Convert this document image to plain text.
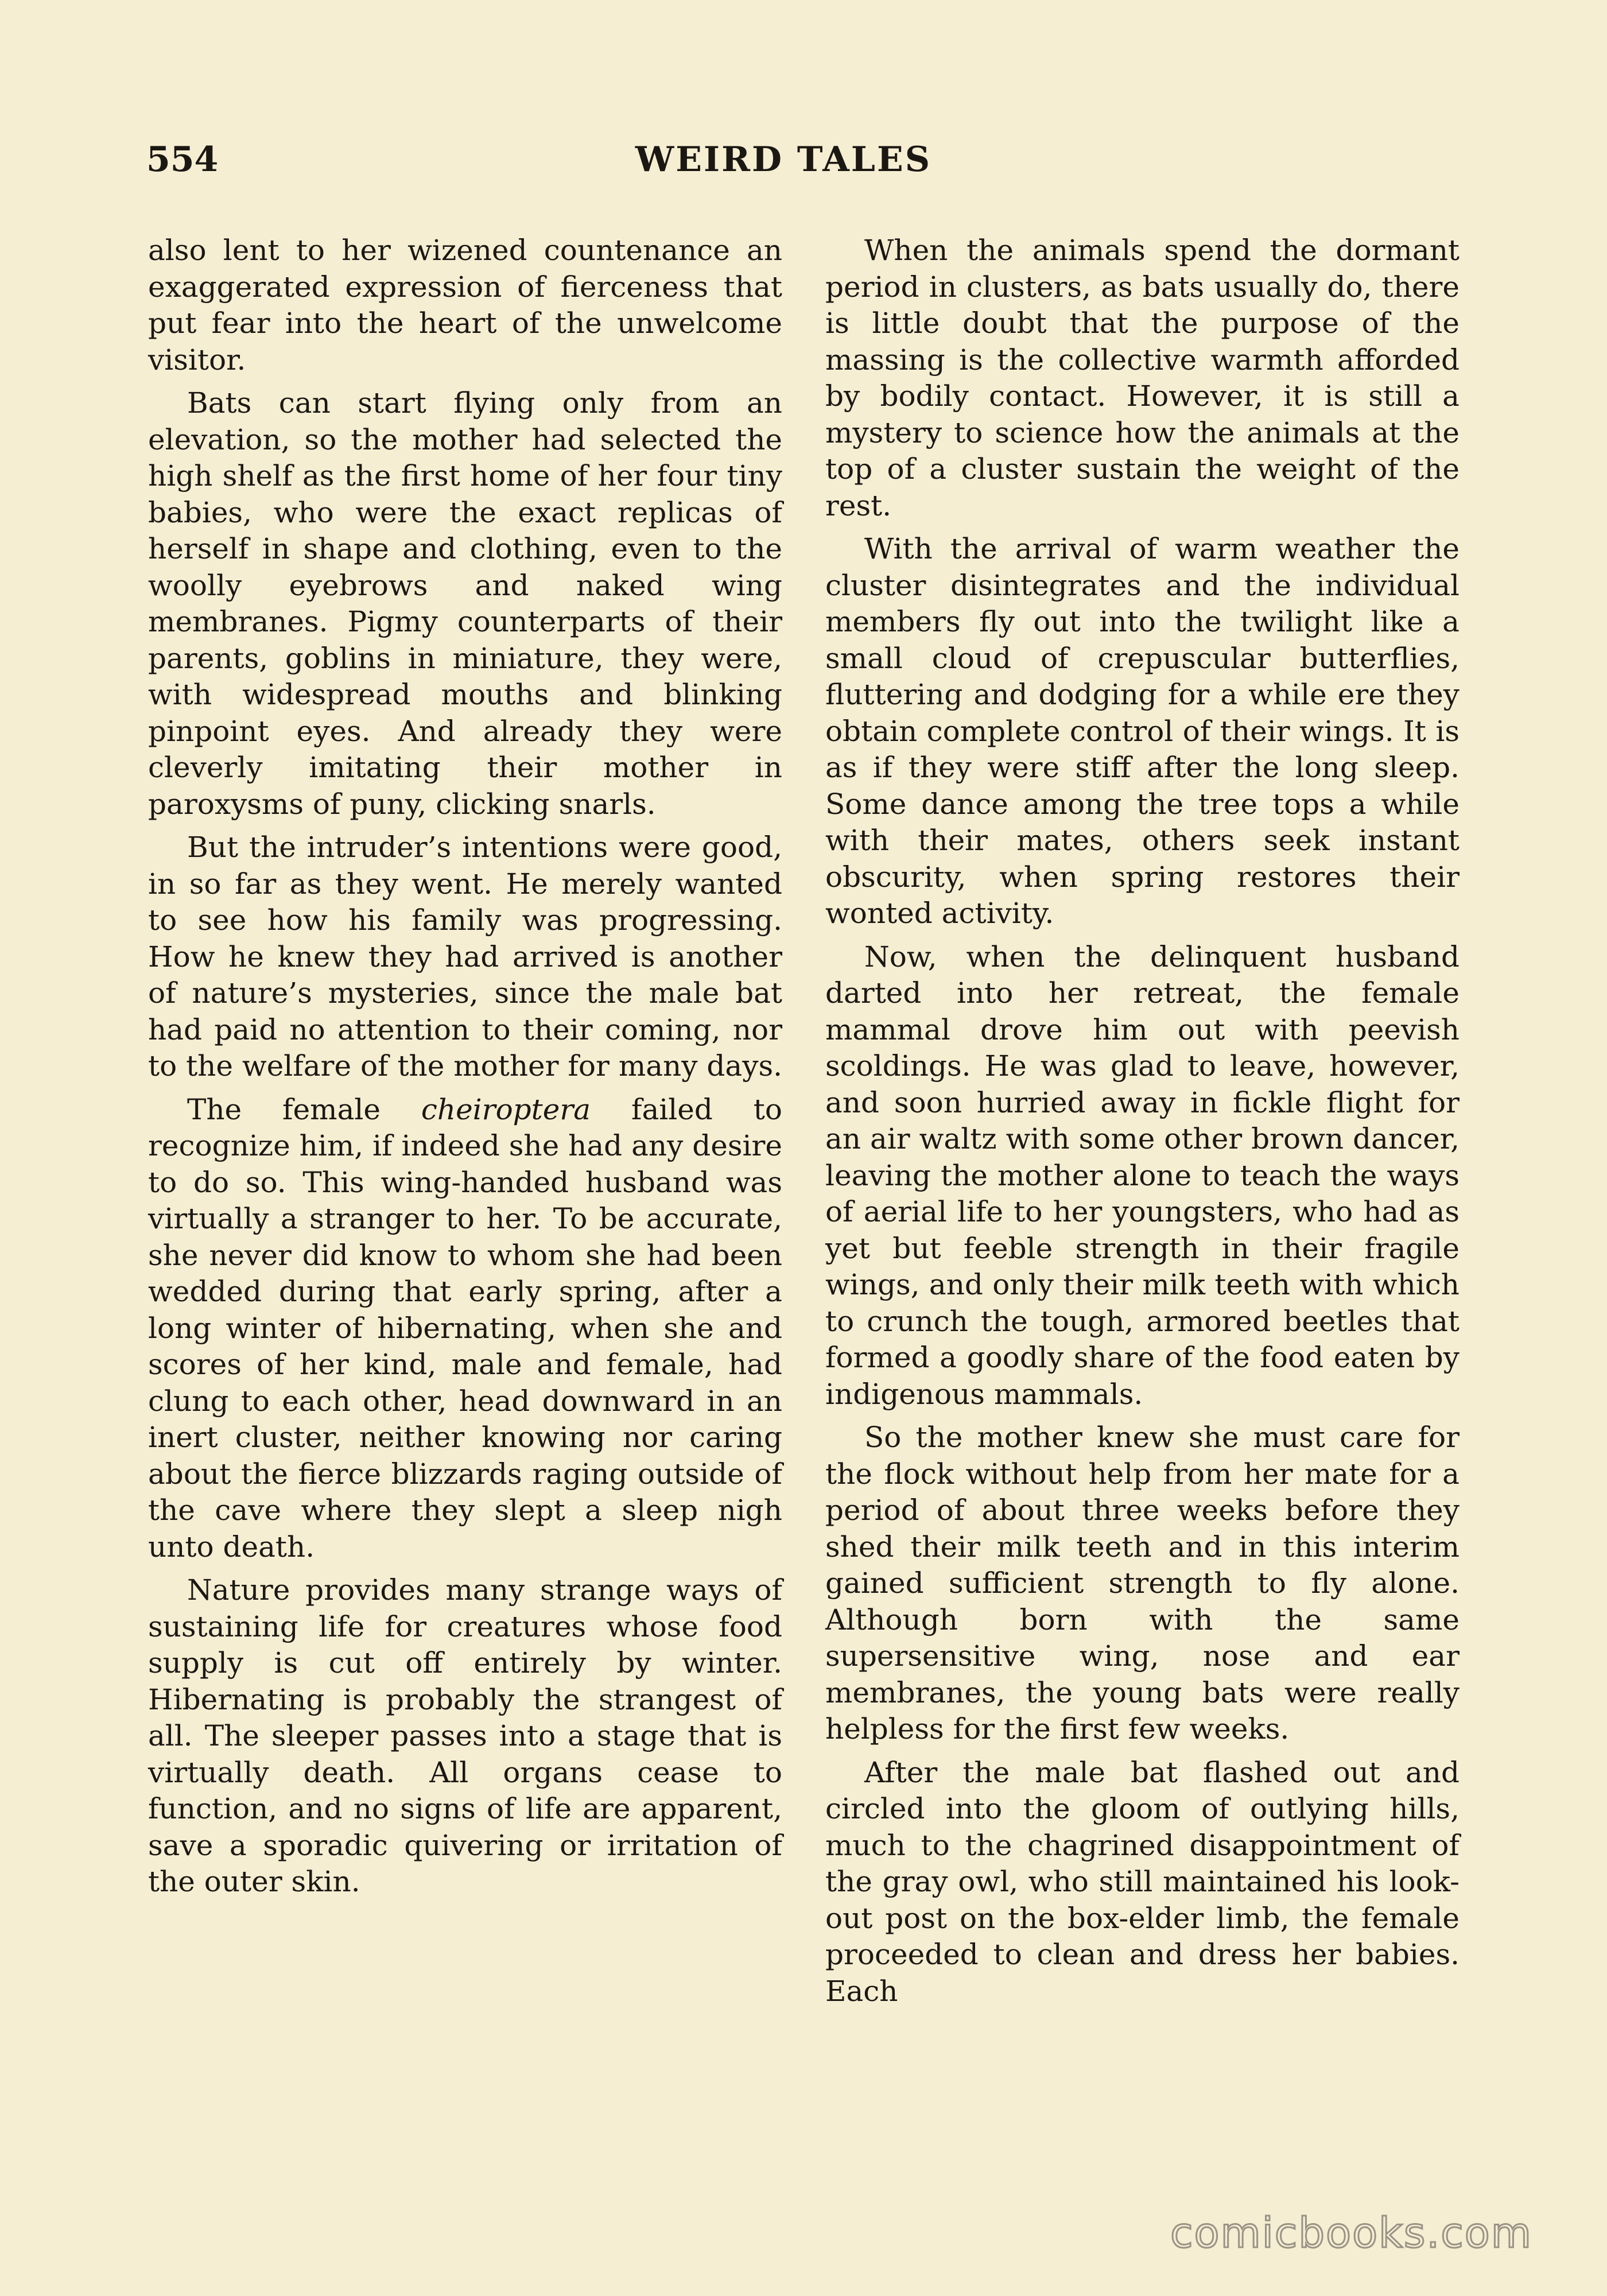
554	WEIRD TALES

also lent to her wizened countenance an exaggerated expression of fierceness that put fear into the heart of the unwelcome visitor.

Bats can start flying only from an elevation, so the mother had selected the high shelf as the first home of her four tiny babies, who were the exact replicas of herself in shape and clothing, even to the woolly eyebrows and naked wing membranes. Pigmy counterparts of their parents, goblins in miniature, they were, with widespread mouths and blinking pinpoint eyes. And already they were cleverly imitating their mother in paroxysms of puny, clicking snarls.

But the intruder’s intentions were good, in so far as they went. He merely wanted to see how his family was progressing. How he knew they had arrived is another of nature’s mysteries, since the male bat had paid no attention to their coming, nor to the welfare of the mother for many days.

The female cheiroptera failed to recognize him, if indeed she had any desire to do so. This wing-handed husband was virtually a stranger to her. To be accurate, she never did know to whom she had been wedded during that early spring, after a long winter of hibernating, when she and scores of her kind, male and female, had clung to each other, head downward in an inert cluster, neither knowing nor caring about the fierce blizzards raging outside of the cave where they slept a sleep nigh unto death.

Nature provides many strange ways of sustaining life for creatures whose food supply is cut off entirely by winter. Hibernating is probably the strangest of all. The sleeper passes into a stage that is virtually death. All organs cease to function, and no signs of life are apparent, save a sporadic quivering or irritation of the outer skin.

When the animals spend the dormant period in clusters, as bats usually do, there is little doubt that the purpose of the massing is the collective warmth afforded by bodily contact. However, it is still a mystery to science how the animals at the top of a cluster sustain the weight of the rest.

With the arrival of warm weather the cluster disintegrates and the individual members fly out into the twilight like a small cloud of crepuscular butterflies, fluttering and dodging for a while ere they obtain complete control of their wings. It is as if they were stiff after the long sleep. Some dance among the tree tops a while with their mates, others seek instant obscurity, when spring restores their wonted activity.

Now, when the delinquent husband darted into her retreat, the female mammal drove him out with peevish scoldings. He was glad to leave, however, and soon hurried away in fickle flight for an air waltz with some other brown dancer, leaving the mother alone to teach the ways of aerial life to her youngsters, who had as yet but feeble strength in their fragile wings, and only their milk teeth with which to crunch the tough, armored beetles that formed a goodly share of the food eaten by indigenous mammals.

So the mother knew she must care for the flock without help from her mate for a period of about three weeks before they shed their milk teeth and in this interim gained sufficient strength to fly alone. Although born with the same supersensitive wing, nose and ear membranes, the young bats were really helpless for the first few weeks.

After the male bat flashed out and circled into the gloom of outlying hills, much to the chagrined disappointment of the gray owl, who still maintained his look-out post on the box-elder limb, the female proceeded to clean and dress her babies. Each

comicbooks.com
